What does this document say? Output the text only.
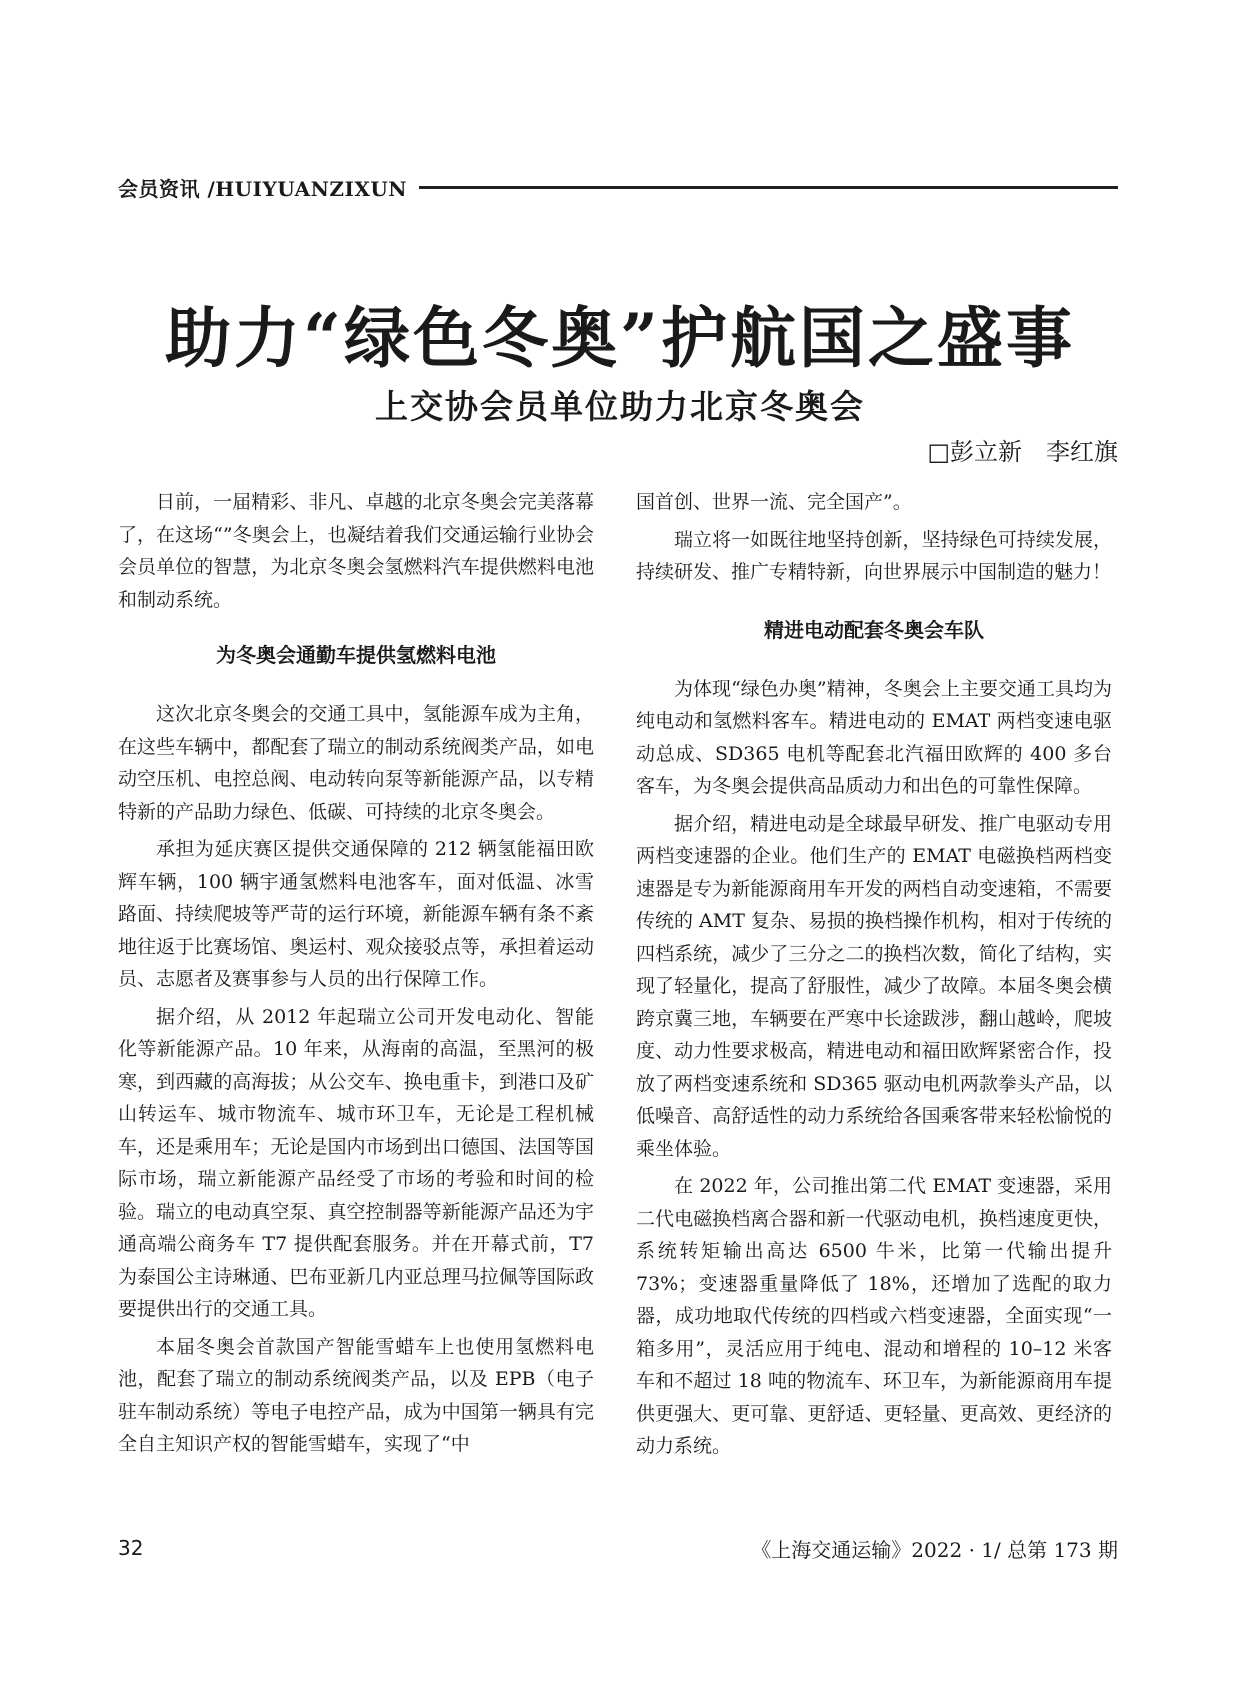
会员资讯 /HUIYUANZIXUN
助力“绿色冬奥”护航国之盛事
上交协会员单位助力北京冬奥会
□彭立新　李红旗

日前，一届精彩、非凡、卓越的北京冬奥会完美落幕了，在这场“”冬奥会上，也凝结着我们交通运输行业协会会员单位的智慧，为北京冬奥会氢燃料汽车提供燃料电池和制动系统。

为冬奥会通勤车提供氢燃料电池

这次北京冬奥会的交通工具中，氢能源车成为主角，在这些车辆中，都配套了瑞立的制动系统阀类产品，如电动空压机、电控总阀、电动转向泵等新能源产品，以专精特新的产品助力绿色、低碳、可持续的北京冬奥会。

承担为延庆赛区提供交通保障的 212 辆氢能福田欧辉车辆，100 辆宇通氢燃料电池客车，面对低温、冰雪路面、持续爬坡等严苛的运行环境，新能源车辆有条不紊地往返于比赛场馆、奥运村、观众接驳点等，承担着运动员、志愿者及赛事参与人员的出行保障工作。

据介绍，从 2012 年起瑞立公司开发电动化、智能化等新能源产品。10 年来，从海南的高温，至黑河的极寒，到西藏的高海拔；从公交车、换电重卡，到港口及矿山转运车、城市物流车、城市环卫车，无论是工程机械车，还是乘用车；无论是国内市场到出口德国、法国等国际市场，瑞立新能源产品经受了市场的考验和时间的检验。瑞立的电动真空泵、真空控制器等新能源产品还为宇通高端公商务车 T7 提供配套服务。并在开幕式前，T7 为泰国公主诗琳通、巴布亚新几内亚总理马拉佩等国际政要提供出行的交通工具。

本届冬奥会首款国产智能雪蜡车上也使用氢燃料电池，配套了瑞立的制动系统阀类产品，以及 EPB（电子驻车制动系统）等电子电控产品，成为中国第一辆具有完全自主知识产权的智能雪蜡车，实现了“中

国首创、世界一流、完全国产”。

瑞立将一如既往地坚持创新，坚持绿色可持续发展，持续研发、推广专精特新，向世界展示中国制造的魅力！

精进电动配套冬奥会车队

为体现“绿色办奥”精神，冬奥会上主要交通工具均为纯电动和氢燃料客车。精进电动的 EMAT 两档变速电驱动总成、SD365 电机等配套北汽福田欧辉的 400 多台客车，为冬奥会提供高品质动力和出色的可靠性保障。

据介绍，精进电动是全球最早研发、推广电驱动专用两档变速器的企业。他们生产的 EMAT 电磁换档两档变速器是专为新能源商用车开发的两档自动变速箱，不需要传统的 AMT 复杂、易损的换档操作机构，相对于传统的四档系统，减少了三分之二的换档次数，简化了结构，实现了轻量化，提高了舒服性，减少了故障。本届冬奥会横跨京冀三地，车辆要在严寒中长途跋涉，翻山越岭，爬坡度、动力性要求极高，精进电动和福田欧辉紧密合作，投放了两档变速系统和 SD365 驱动电机两款拳头产品，以低噪音、高舒适性的动力系统给各国乘客带来轻松愉悦的乘坐体验。

在 2022 年，公司推出第二代 EMAT 变速器，采用二代电磁换档离合器和新一代驱动电机，换档速度更快，系统转矩输出高达 6500 牛米，比第一代输出提升 73%；变速器重量降低了 18%，还增加了选配的取力器，成功地取代传统的四档或六档变速器，全面实现“一箱多用”，灵活应用于纯电、混动和增程的 10–12 米客车和不超过 18 吨的物流车、环卫车，为新能源商用车提供更强大、更可靠、更舒适、更轻量、更高效、更经济的动力系统。

32	《上海交通运输》2022 · 1/ 总第 173 期
